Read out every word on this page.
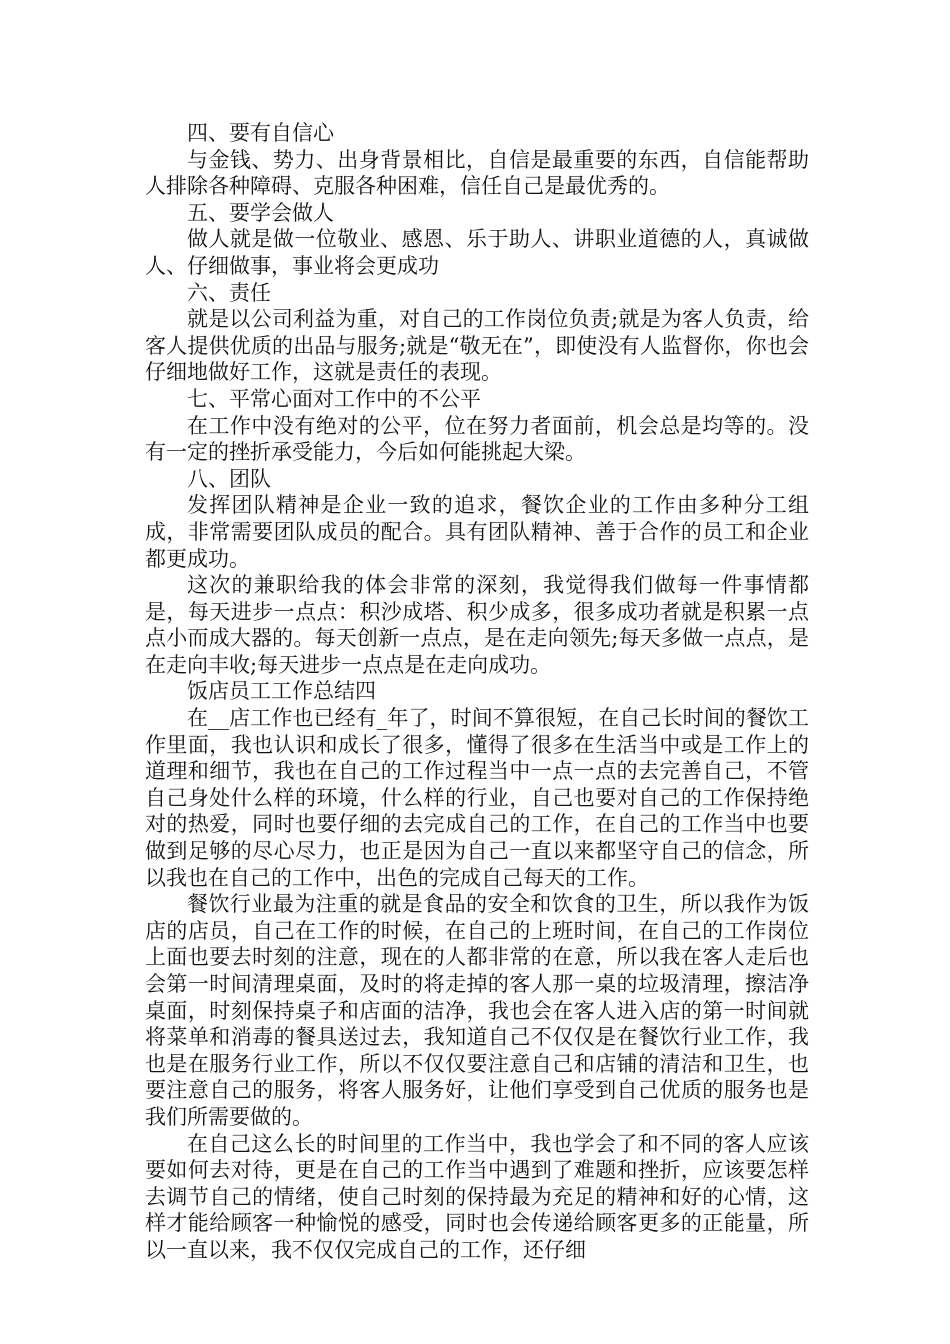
四、要有自信心

与金钱、势力、出身背景相比，自信是最重要的东西，自信能帮助人排除各种障碍、克服各种困难，信任自己是最优秀的。

五、要学会做人

做人就是做一位敬业、感恩、乐于助人、讲职业道德的人，真诚做人、仔细做事，事业将会更成功

六、责任

就是以公司利益为重，对自己的工作岗位负责;就是为客人负责，给客人提供优质的出品与服务;就是“敬无在”，即使没有人监督你，你也会仔细地做好工作，这就是责任的表现。

七、平常心面对工作中的不公平

在工作中没有绝对的公平，位在努力者面前，机会总是均等的。没有一定的挫折承受能力，今后如何能挑起大梁。

八、团队

发挥团队精神是企业一致的追求，餐饮企业的工作由多种分工组成，非常需要团队成员的配合。具有团队精神、善于合作的员工和企业都更成功。

这次的兼职给我的体会非常的深刻，我觉得我们做每一件事情都是，每天进步一点点：积沙成塔、积少成多，很多成功者就是积累一点点小而成大器的。每天创新一点点，是在走向领先;每天多做一点点，是在走向丰收;每天进步一点点是在走向成功。

饭店员工工作总结四

在__店工作也已经有_年了，时间不算很短，在自己长时间的餐饮工作里面，我也认识和成长了很多，懂得了很多在生活当中或是工作上的道理和细节，我也在自己的工作过程当中一点一点的去完善自己，不管自己身处什么样的环境，什么样的行业，自己也要对自己的工作保持绝对的热爱，同时也要仔细的去完成自己的工作，在自己的工作当中也要做到足够的尽心尽力，也正是因为自己一直以来都坚守自己的信念，所以我也在自己的工作中，出色的完成自己每天的工作。

餐饮行业最为注重的就是食品的安全和饮食的卫生，所以我作为饭店的店员，自己在工作的时候，在自己的上班时间，在自己的工作岗位上面也要去时刻的注意，现在的人都非常的在意，所以我在客人走后也会第一时间清理桌面，及时的将走掉的客人那一桌的垃圾清理，擦洁净桌面，时刻保持桌子和店面的洁净，我也会在客人进入店的第一时间就将菜单和消毒的餐具送过去，我知道自己不仅仅是在餐饮行业工作，我也是在服务行业工作，所以不仅仅要注意自己和店铺的清洁和卫生，也要注意自己的服务，将客人服务好，让他们享受到自己优质的服务也是我们所需要做的。

在自己这么长的时间里的工作当中，我也学会了和不同的客人应该要如何去对待，更是在自己的工作当中遇到了难题和挫折，应该要怎样去调节自己的情绪，使自己时刻的保持最为充足的精神和好的心情，这样才能给顾客一种愉悦的感受，同时也会传递给顾客更多的正能量，所以一直以来，我不仅仅完成自己的工作，还仔细
